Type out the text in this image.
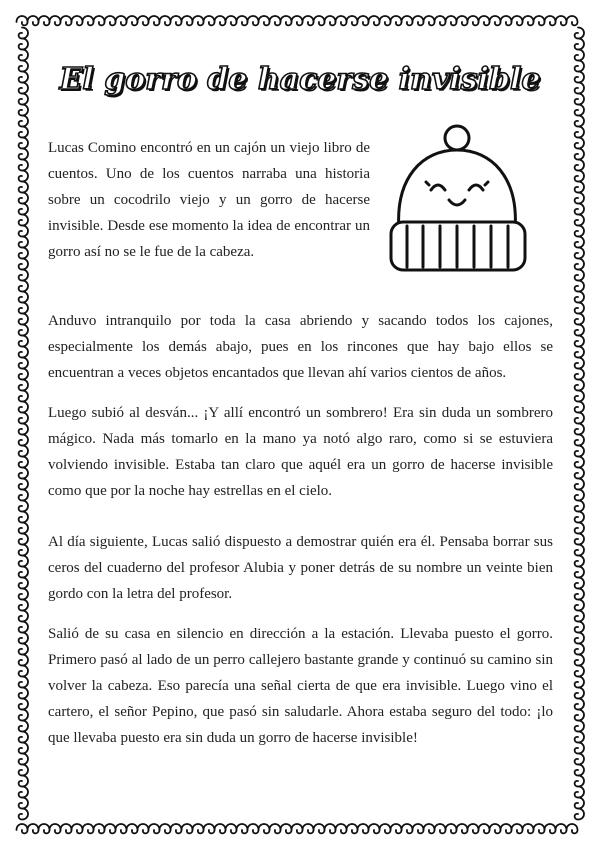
El gorro de hacerse invisible

Lucas Comino encontró en un cajón un viejo libro de cuentos. Uno de los cuentos narraba una historia sobre un cocodrilo viejo y un gorro de hacerse invisible. Desde ese momento la idea de encontrar un gorro así no se le fue de la cabeza.

Anduvo intranquilo por toda la casa abriendo y sacando todos los cajones, especialmente los demás abajo, pues en los rincones que hay bajo ellos se encuentran a veces objetos encantados que llevan ahí varios cientos de años.

Luego subió al desván... ¡Y allí encontró un sombrero! Era sin duda un sombrero mágico. Nada más tomarlo en la mano ya notó algo raro, como si se estuviera volviendo invisible. Estaba tan claro que aquél era un gorro de hacerse invisible como que por la noche hay estrellas en el cielo.

Al día siguiente, Lucas salió dispuesto a demostrar quién era él. Pensaba borrar sus ceros del cuaderno del profesor Alubia y poner detrás de su nombre un veinte bien gordo con la letra del profesor.

Salió de su casa en silencio en dirección a la estación. Llevaba puesto el gorro. Primero pasó al lado de un perro callejero bastante grande y continuó su camino sin volver la cabeza. Eso parecía una señal cierta de que era invisible. Luego vino el cartero, el señor Pepino, que pasó sin saludarle. Ahora estaba seguro del todo: ¡lo que llevaba puesto era sin duda un gorro de hacerse invisible!
